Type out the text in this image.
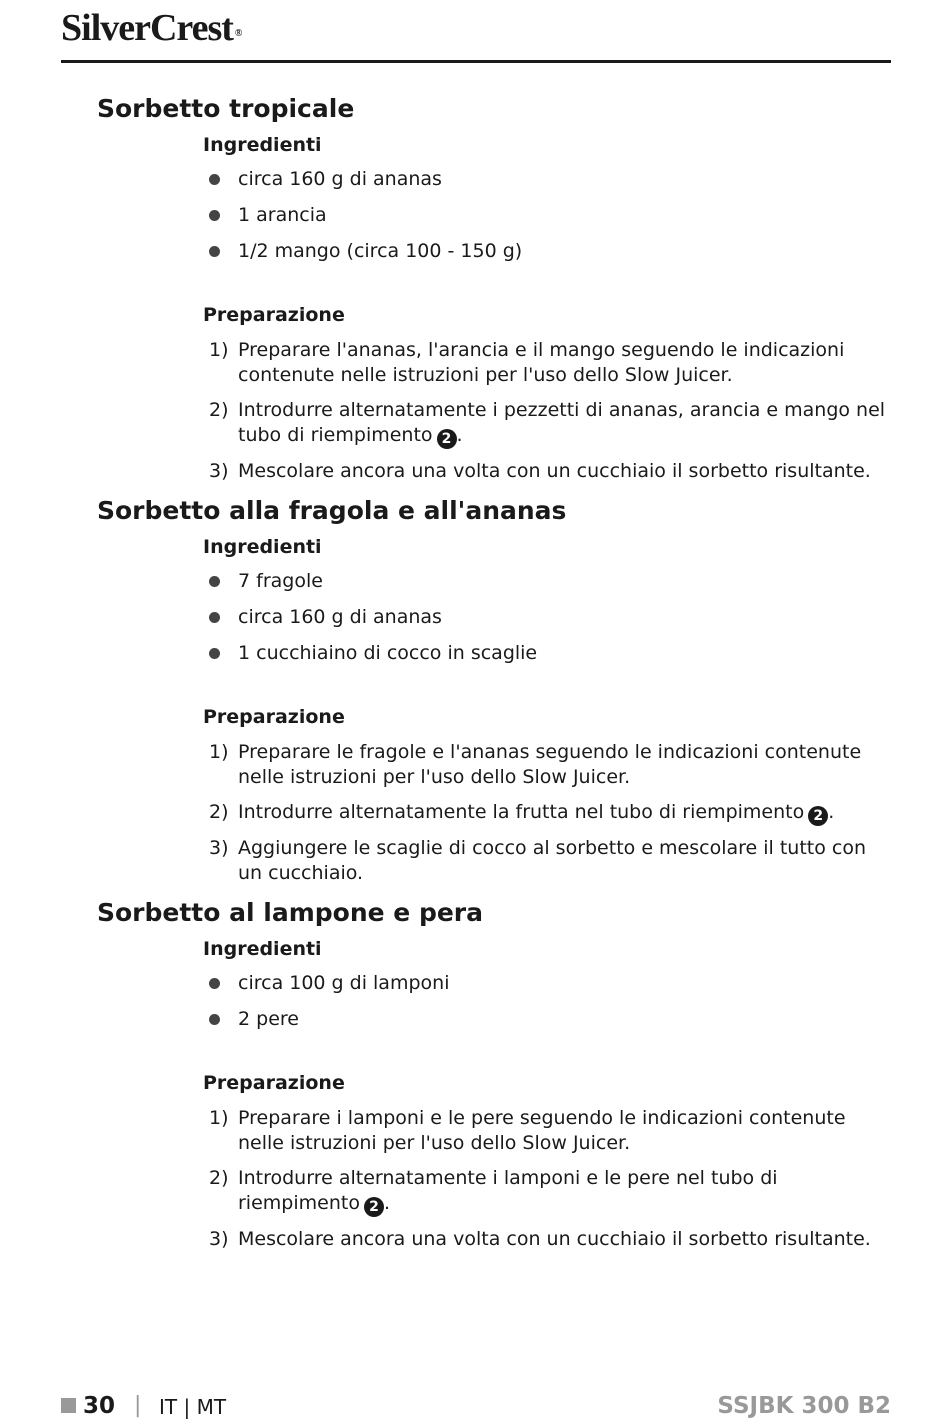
SilverCrest ®
Sorbetto tropicale
Ingredienti
circa 160 g di ananas
1 arancia
1/2 mango (circa 100 - 150 g)
Preparazione
1) Preparare l'ananas, l'arancia e il mango seguendo le indicazioni contenute nelle istruzioni per l'uso dello Slow Juicer.
2) Introdurre alternatamente i pezzetti di ananas, arancia e mango nel tubo di riempimento 2 .
3) Mescolare ancora una volta con un cucchiaio il sorbetto risultante.
Sorbetto alla fragola e all'ananas
Ingredienti
7 fragole
circa 160 g di ananas
1 cucchiaino di cocco in scaglie
Preparazione
1) Preparare le fragole e l'ananas seguendo le indicazioni contenute nelle istruzioni per l'uso dello Slow Juicer.
2) Introdurre alternatamente la frutta nel tubo di riempimento 2 .
3) Aggiungere le scaglie di cocco al sorbetto e mescolare il tutto con un cucchiaio.
Sorbetto al lampone e pera
Ingredienti
circa 100 g di lamponi
2 pere
Preparazione
1) Preparare i lamponi e le pere seguendo le indicazioni contenute nelle istruzioni per l'uso dello Slow Juicer.
2) Introdurre alternatamente i lamponi e le pere nel tubo di riempimento 2 .
3) Mescolare ancora una volta con un cucchiaio il sorbetto risultante.
30 | IT | MT	SSJBK 300 B2
